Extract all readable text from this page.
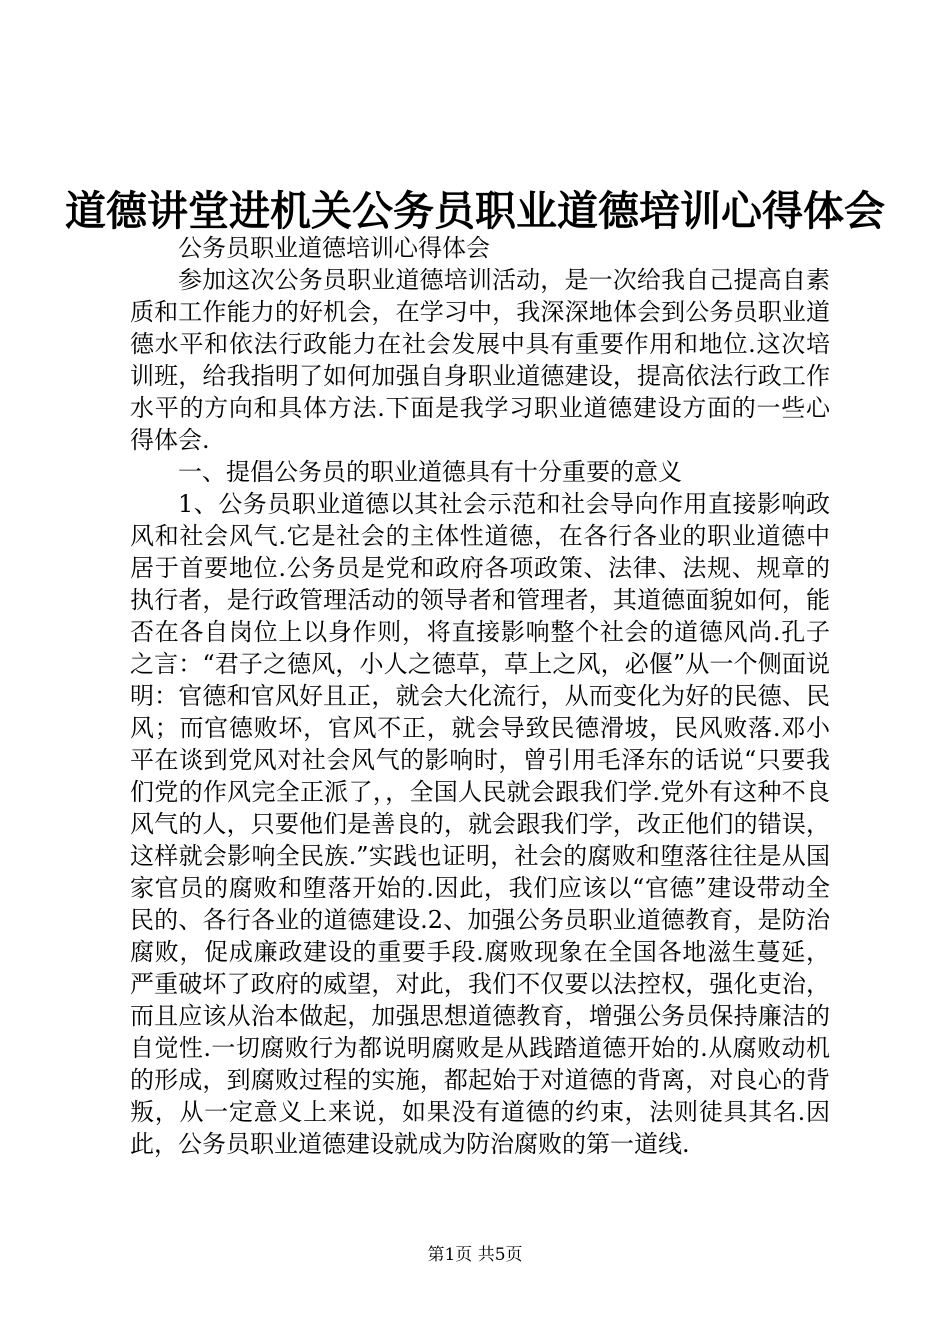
道德讲堂进机关公务员职业道德培训心得体会

公务员职业道德培训心得体会

参加这次公务员职业道德培训活动，是一次给我自己提高自素质和工作能力的好机会，在学习中，我深深地体会到公务员职业道德水平和依法行政能力在社会发展中具有重要作用和地位.这次培训班，给我指明了如何加强自身职业道德建设，提高依法行政工作水平的方向和具体方法.下面是我学习职业道德建设方面的一些心得体会.

一、提倡公务员的职业道德具有十分重要的意义

1、公务员职业道德以其社会示范和社会导向作用直接影响政风和社会风气.它是社会的主体性道德，在各行各业的职业道德中居于首要地位.公务员是党和政府各项政策、法律、法规、规章的执行者，是行政管理活动的领导者和管理者，其道德面貌如何，能否在各自岗位上以身作则，将直接影响整个社会的道德风尚.孔子之言：“君子之德风，小人之德草，草上之风，必偃”从一个侧面说明：官德和官风好且正，就会大化流行，从而变化为好的民德、民风；而官德败坏，官风不正，就会导致民德滑坡，民风败落.邓小平在谈到党风对社会风气的影响时，曾引用毛泽东的话说“只要我们党的作风完全正派了，，全国人民就会跟我们学.党外有这种不良风气的人，只要他们是善良的，就会跟我们学，改正他们的错误，这样就会影响全民族.”实践也证明，社会的腐败和堕落往往是从国家官员的腐败和堕落开始的.因此，我们应该以“官德”建设带动全民的、各行各业的道德建设.2、加强公务员职业道德教育，是防治腐败，促成廉政建设的重要手段.腐败现象在全国各地滋生蔓延，严重破坏了政府的威望，对此，我们不仅要以法控权，强化吏治，而且应该从治本做起，加强思想道德教育，增强公务员保持廉洁的自觉性.一切腐败行为都说明腐败是从践踏道德开始的.从腐败动机的形成，到腐败过程的实施，都起始于对道德的背离，对良心的背叛，从一定意义上来说，如果没有道德的约束，法则徒具其名.因此，公务员职业道德建设就成为防治腐败的第一道线.

第1页 共5页
